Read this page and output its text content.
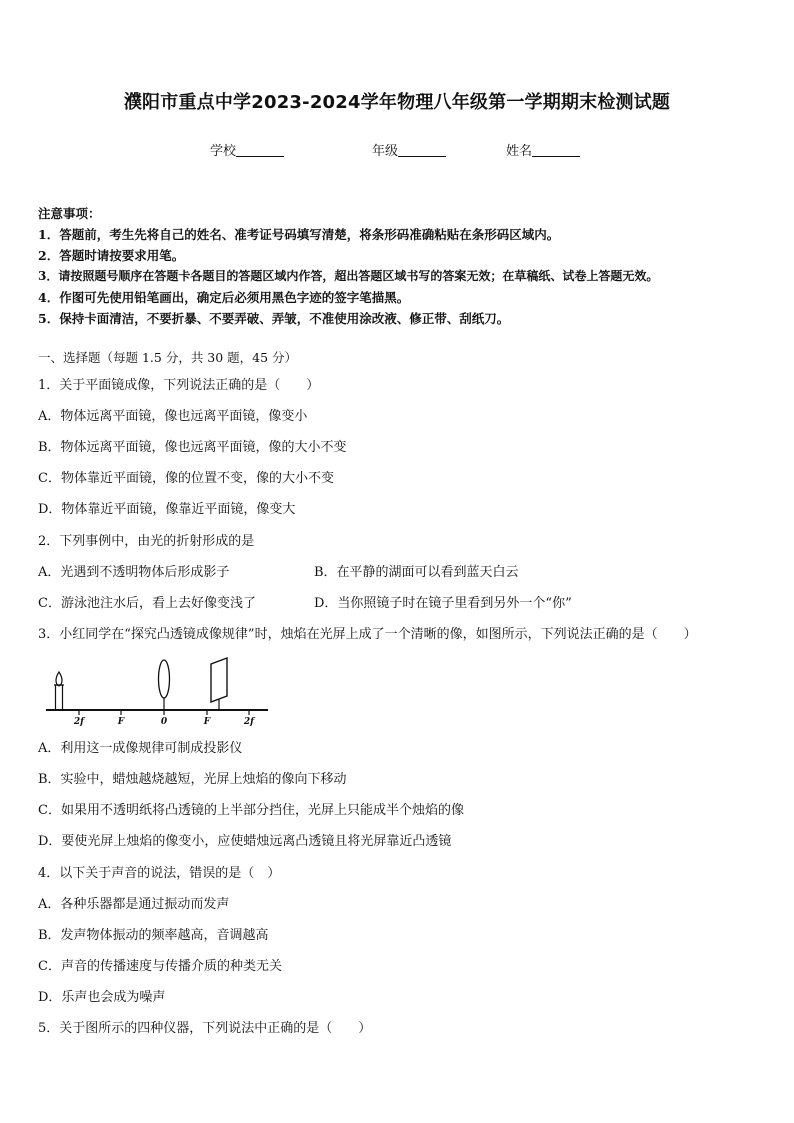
濮阳市重点中学2023-2024学年物理八年级第一学期期末检测试题
学校	年级	姓名
注意事项：
1．答题前，考生先将自己的姓名、准考证号码填写清楚，将条形码准确粘贴在条形码区域内。
2．答题时请按要求用笔。
3．请按照题号顺序在答题卡各题目的答题区域内作答，超出答题区域书写的答案无效；在草稿纸、试卷上答题无效。
4．作图可先使用铅笔画出，确定后必须用黑色字迹的签字笔描黑。
5．保持卡面清洁，不要折暴、不要弄破、弄皱，不准使用涂改液、修正带、刮纸刀。
一、选择题（每题 1.5 分，共 30 题，45 分）
1．关于平面镜成像，下列说法正确的是（　　）
A．物体远离平面镜，像也远离平面镜，像变小
B．物体远离平面镜，像也远离平面镜，像的大小不变
C．物体靠近平面镜，像的位置不变，像的大小不变
D．物体靠近平面镜，像靠近平面镜，像变大
2．下列事例中，由光的折射形成的是
A．光遇到不透明物体后形成影子	B．在平静的湖面可以看到蓝天白云
C．游泳池注水后，看上去好像变浅了	D．当你照镜子时在镜子里看到另外一个“你”
3．小红同学在“探究凸透镜成像规律”时，烛焰在光屏上成了一个清晰的像，如图所示，下列说法正确的是（　　）
2f	F	0	F	2f
A．利用这一成像规律可制成投影仪
B．实验中，蜡烛越烧越短，光屏上烛焰的像向下移动
C．如果用不透明纸将凸透镜的上半部分挡住，光屏上只能成半个烛焰的像
D．要使光屏上烛焰的像变小，应使蜡烛远离凸透镜且将光屏靠近凸透镜
4．以下关于声音的说法，错误的是（　）
A．各种乐器都是通过振动而发声
B．发声物体振动的频率越高，音调越高
C．声音的传播速度与传播介质的种类无关
D．乐声也会成为噪声
5．关于图所示的四种仪器，下列说法中正确的是（　　）
